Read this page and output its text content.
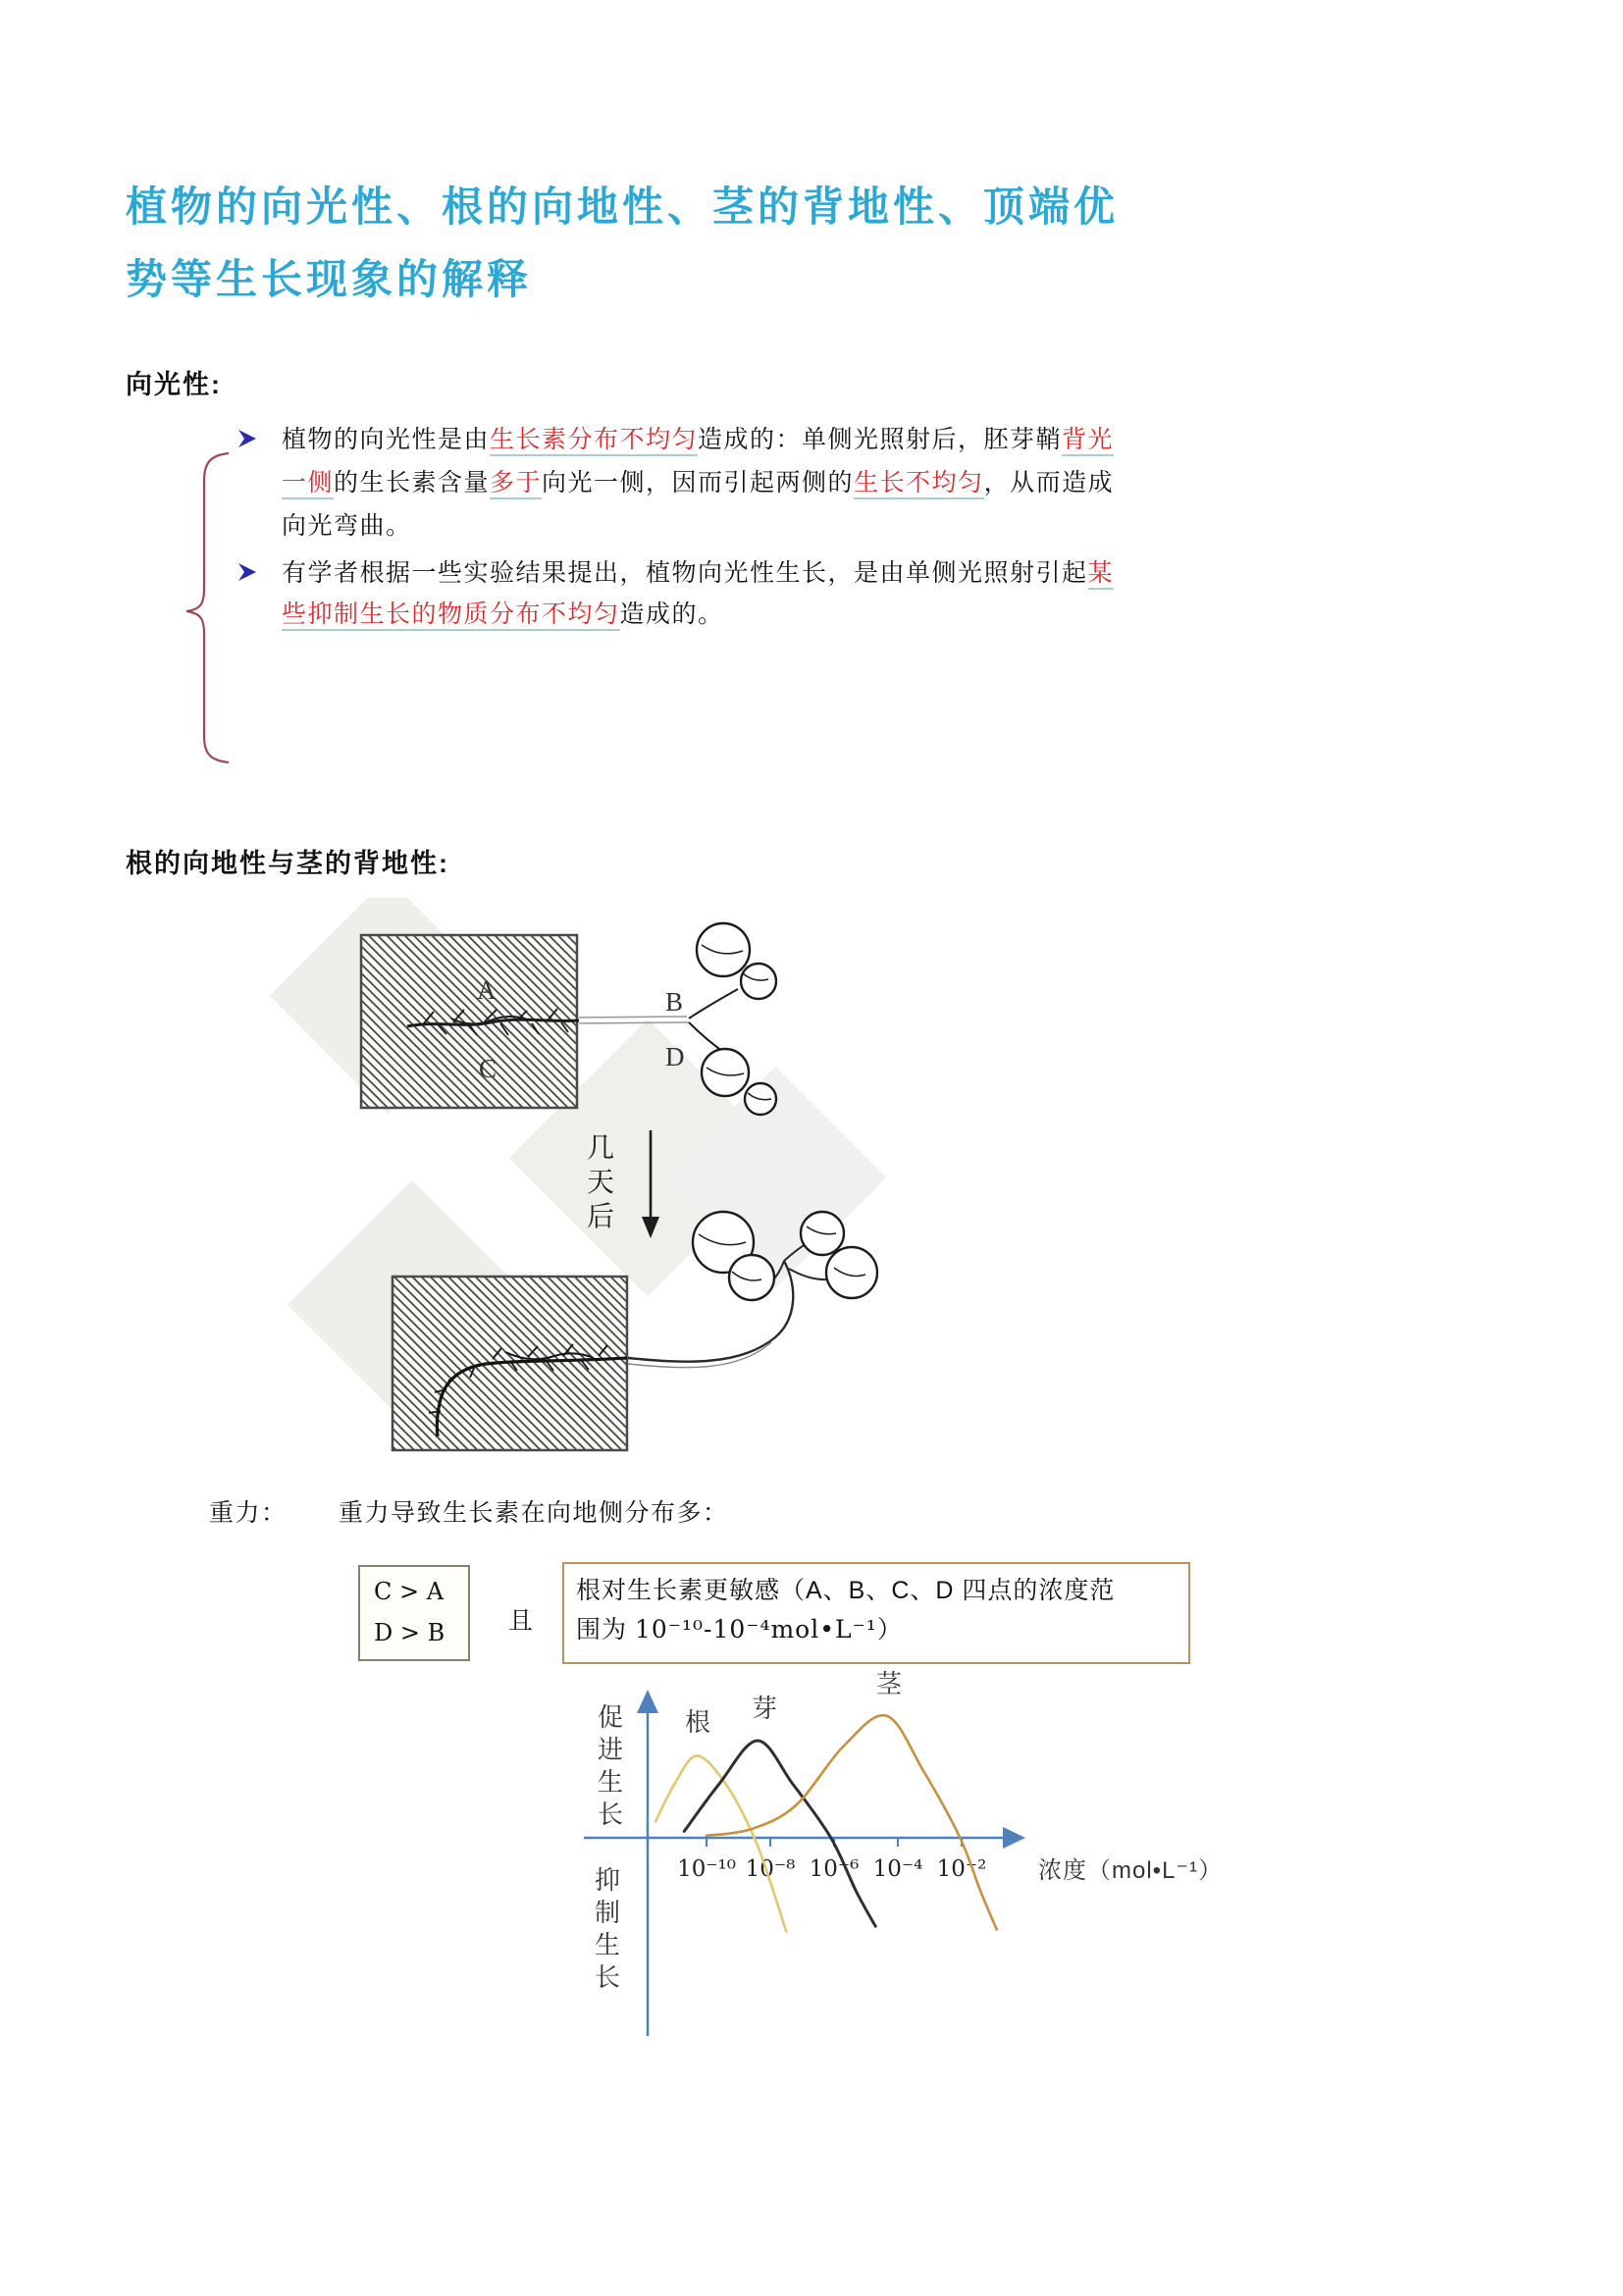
植物的向光性、根的向地性、茎的背地性、顶端优
势等生长现象的解释
向光性:
植物的向光性是由生长素分布不均匀造成的：单侧光照射后，胚芽鞘背光
一侧的生长素含量多于向光一侧，因而引起两侧的生长不均匀，从而造成
向光弯曲。
有学者根据一些实验结果提出，植物向光性生长，是由单侧光照射引起某
些抑制生长的物质分布不均匀造成的。
根的向地性与茎的背地性:
A	B
C	D
几天后
重力： 重力导致生长素在向地侧分布多：
C > A
D > B	且
根对生长素更敏感（A、B、C、D 四点的浓度范
围为 10⁻¹⁰-10⁻⁴mol•L⁻¹）
10⁻¹⁰ 10⁻⁸ 10⁻⁶ 10⁻⁴ 10⁻²
促进生长
抑制生长
根 芽
茎
浓度（mol•L⁻¹）
